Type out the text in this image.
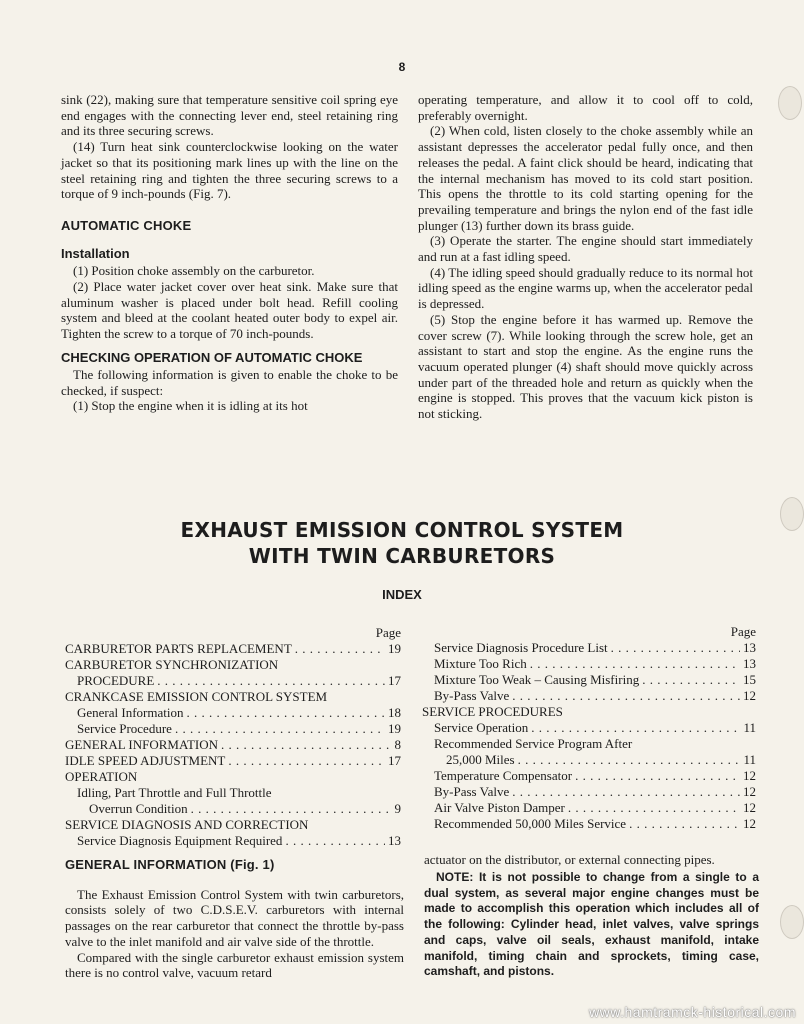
8

sink (22), making sure that temperature sensitive coil spring eye end engages with the connecting lever end, steel retaining ring and its three securing screws.

(14) Turn heat sink counterclockwise looking on the water jacket so that its positioning mark lines up with the line on the steel retaining ring and tighten the three securing screws to a torque of 9 inch-pounds (Fig. 7).

AUTOMATIC CHOKE
Installation

(1) Position choke assembly on the carburetor.

(2) Place water jacket cover over heat sink. Make sure that aluminum washer is placed under bolt head. Refill cooling system and bleed at the coolant heated outer body to expel air. Tighten the screw to a torque of 70 inch-pounds.

CHECKING OPERATION OF AUTOMATIC CHOKE

The following information is given to enable the choke to be checked, if suspect:

(1) Stop the engine when it is idling at its hot

operating temperature, and allow it to cool off to cold, preferably overnight.

(2) When cold, listen closely to the choke assembly while an assistant depresses the accelerator pedal fully once, and then releases the pedal. A faint click should be heard, indicating that the internal mechanism has moved to its cold start position. This opens the throttle to its cold starting opening for the prevailing temperature and brings the nylon end of the fast idle plunger (13) further down its brass guide.

(3) Operate the starter. The engine should start immediately and run at a fast idling speed.

(4) The idling speed should gradually reduce to its normal hot idling speed as the engine warms up, when the accelerator pedal is depressed.

(5) Stop the engine before it has warmed up. Remove the cover screw (7). While looking through the screw hole, get an assistant to start and stop the engine. As the engine runs the vacuum operated plunger (4) shaft should move quickly across under part of the threaded hole and return as quickly when the engine is stopped. This proves that the vacuum kick piston is not sticking.

EXHAUST EMISSION CONTROL SYSTEM
WITH TWIN CARBURETORS
INDEX
Page
CARBURETOR PARTS REPLACEMENT . . .	19
CARBURETOR SYNCHRONIZATION
PROCEDURE . . .	17
CRANKCASE EMISSION CONTROL SYSTEM
General Information . . .	18
Service Procedure . . .	19
GENERAL INFORMATION . . .	8
IDLE SPEED ADJUSTMENT . . .	17
OPERATION
Idling, Part Throttle and Full Throttle
Overrun Condition . . .	9
SERVICE DIAGNOSIS AND CORRECTION
Service Diagnosis Equipment Required . . .	13
Page
Service Diagnosis Procedure List . . .	13
Mixture Too Rich . . .	13
Mixture Too Weak – Causing Misfiring . . .	15
By-Pass Valve . . .	12
SERVICE PROCEDURES
Service Operation . . .	11
Recommended Service Program After
25,000 Miles . . .	11
Temperature Compensator . . .	12
By-Pass Valve . . .	12
Air Valve Piston Damper . . .	12
Recommended 50,000 Miles Service . . .	12
GENERAL INFORMATION (Fig. 1)

The Exhaust Emission Control System with twin carburetors, consists solely of two C.D.S.E.V. carburetors with internal passages on the rear carburetor that connect the throttle by-pass valve to the inlet manifold and air valve side of the throttle.

Compared with the single carburetor exhaust emission system there is no control valve, vacuum retard

actuator on the distributor, or external connecting pipes.

NOTE: It is not possible to change from a single to a dual system, as several major engine changes must be made to accomplish this operation which includes all of the following: Cylinder head, inlet valves, valve springs and caps, valve oil seals, exhaust manifold, intake manifold, timing chain and sprockets, timing case, camshaft, and pistons.
www.hamtramck-historical.com
